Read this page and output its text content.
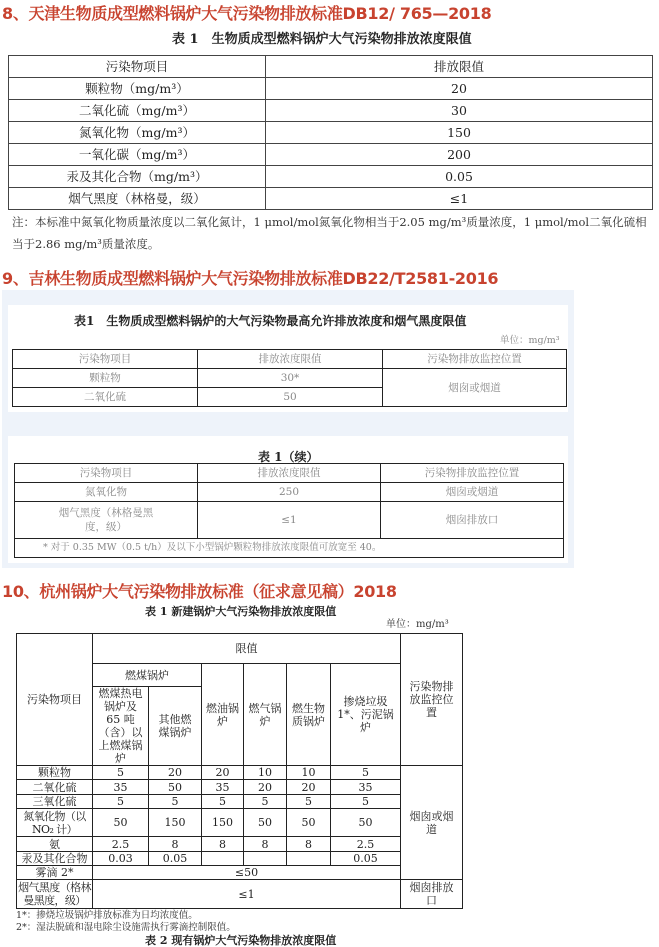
8、天津生物质成型燃料锅炉大气污染物排放标准DB12/ 765—2018
表 1　生物质成型燃料锅炉大气污染物排放浓度限值
污染物项目	排放限值
颗粒物（mg/m³）	20
二氧化硫（mg/m³）	30
氮氧化物（mg/m³）	150
一氧化碳（mg/m³）	200
汞及其化合物（mg/m³）	0.05
烟气黑度（林格曼，级）	≤1
注：本标准中氮氧化物质量浓度以二氧化氮计，1 μmol/mol氮氧化物相当于2.05 mg/m³质量浓度，1 μmol/mol二氧化硫相当于2.86 mg/m³质量浓度。
9、吉林生物质成型燃料锅炉大气污染物排放标准DB22/T2581-2016
表1　生物质成型燃料锅炉的大气污染物最高允许排放浓度和烟气黑度限值
单位：mg/m³
污染物项目	排放浓度限值	污染物排放监控位置
颗粒物	30*	烟囱或烟道
二氧化硫	50	
表 1（续）
污染物项目	排放浓度限值	污染物排放监控位置
氮氧化物	250	烟囱或烟道
烟气黑度（林格曼黑度，级）	≤1	烟囱排放口
* 对于 0.35 MW（0.5 t/h）及以下小型锅炉颗粒物排放浓度限值可放宽至 40。		
10、杭州锅炉大气污染物排放标准（征求意见稿）2018
表 1 新建锅炉大气污染物排放浓度限值
单位：mg/m³
污染物项目	限值						污染物排放监控位置
	燃煤锅炉		燃油锅炉	燃气锅炉	燃生物质锅炉	掺烧垃圾 1*、污泥锅炉	
	燃煤热电锅炉及 65 吨（含）以上燃煤锅炉	其他燃煤锅炉					
颗粒物	5	20	20	10	10	5	烟囱或烟道
二氧化硫	35	50	35	20	20	35	
三氧化硫	5	5	5	5	5	5	
氮氧化物（以 NO₂ 计）	50	150	150	50	50	50	
氨	2.5	8	8	8	8	2.5	
汞及其化合物	0.03	0.05				0.05	
雾滴 2*	≤50						
烟气黑度（格林曼黑度，级）	≤1						烟囱排放口
1*：掺烧垃圾锅炉排放标准为日均浓度值。
2*：湿法脱硫和湿电除尘设施需执行雾滴控制限值。
表 2 现有锅炉大气污染物排放浓度限值
